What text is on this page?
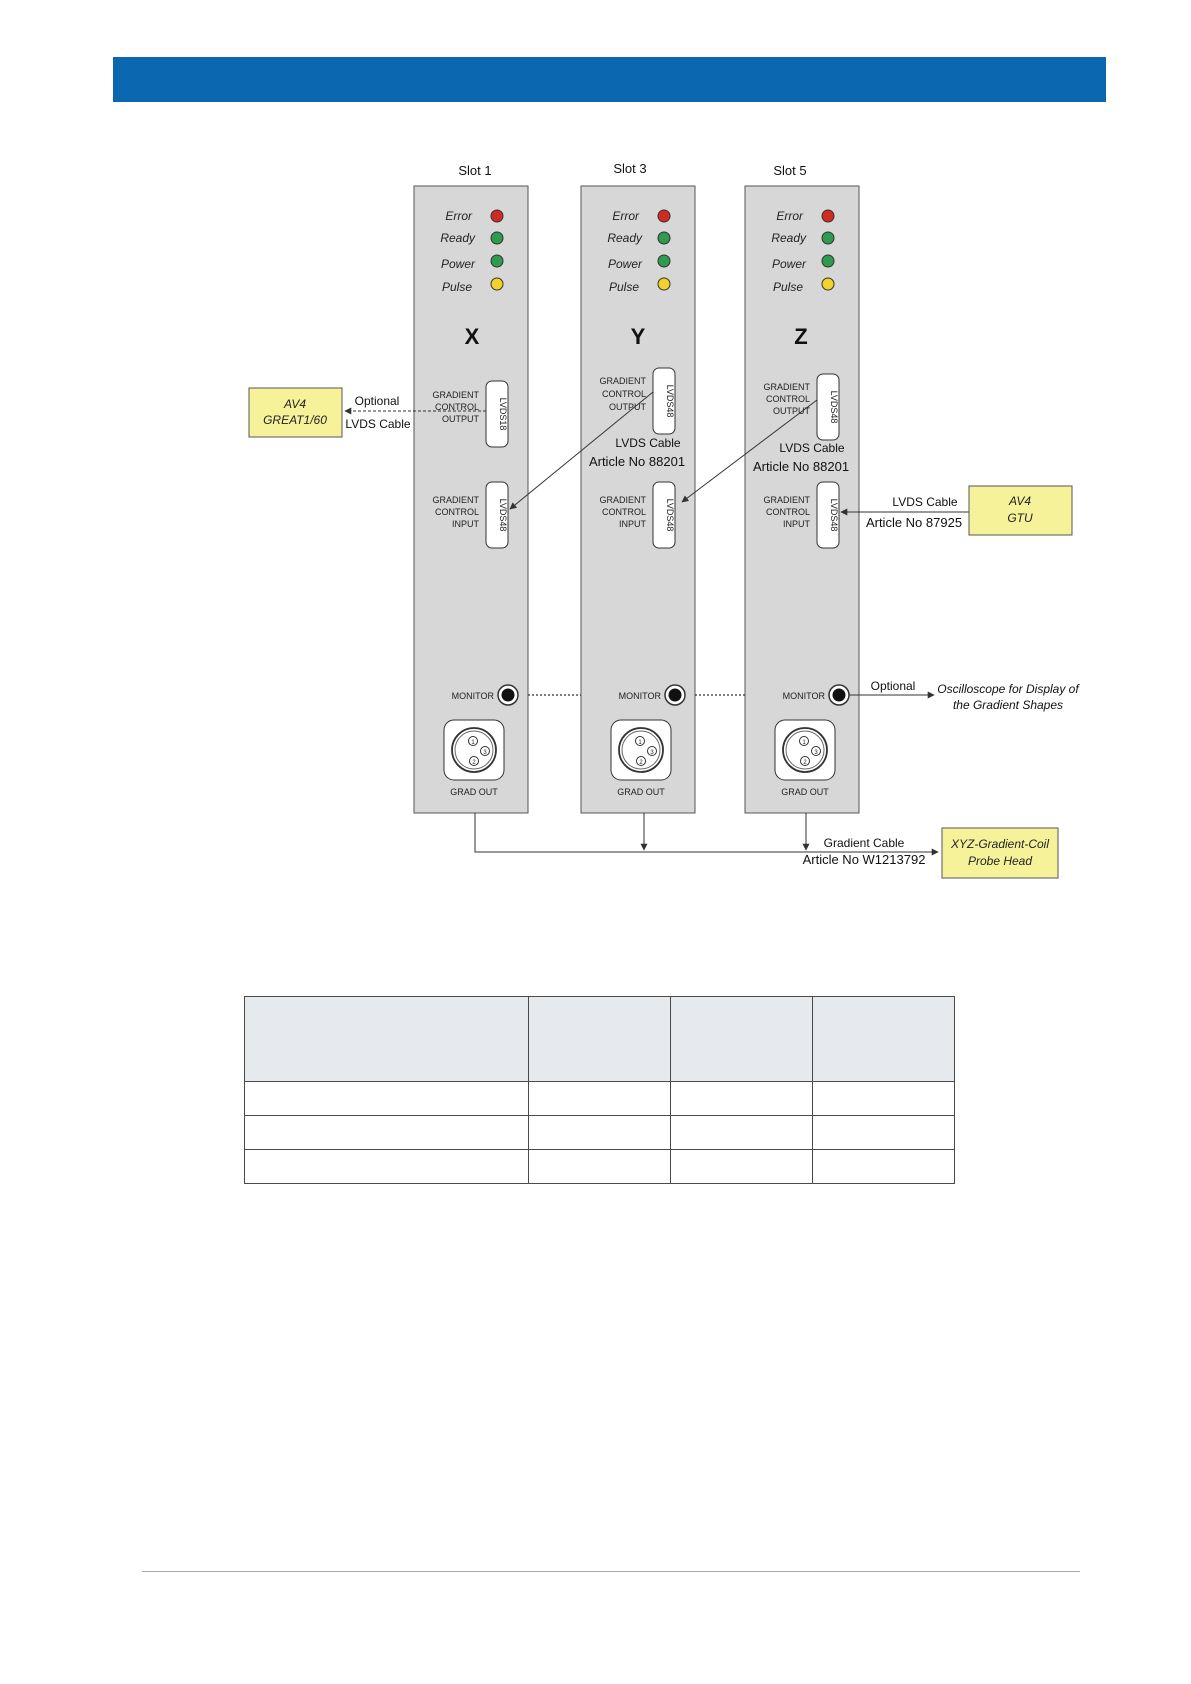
Slot 1
Error
Ready
Power
Pulse
X
GRADIENT
CONTROL
OUTPUT LVDS18
GRADIENT
CONTROL
INPUT LVDS48
MONITOR
1
2
3
GRAD OUT
Slot 3
Error
Ready
Power
Pulse
Y
GRADIENT
CONTROL
OUTPUT LVDS48
GRADIENT
CONTROL
INPUT LVDS48
MONITOR
1
2
3
GRAD OUT
Slot 5
Error
Ready
Power
Pulse
Z
GRADIENT
CONTROL
OUTPUT LVDS48
GRADIENT
CONTROL
INPUT LVDS48
MONITOR
1
2
3
GRAD OUT
LVDS Cable
Article No 88201
LVDS Cable
Article No 88201
Optional
LVDS Cable
AV4
GREAT1/60
LVDS Cable
Article No 87925
AV4
GTU
Optional Oscilloscope for Display of
the Gradient Shapes
Gradient Cable
Article No W1213792
XYZ-Gradient-Coil
Probe Head
